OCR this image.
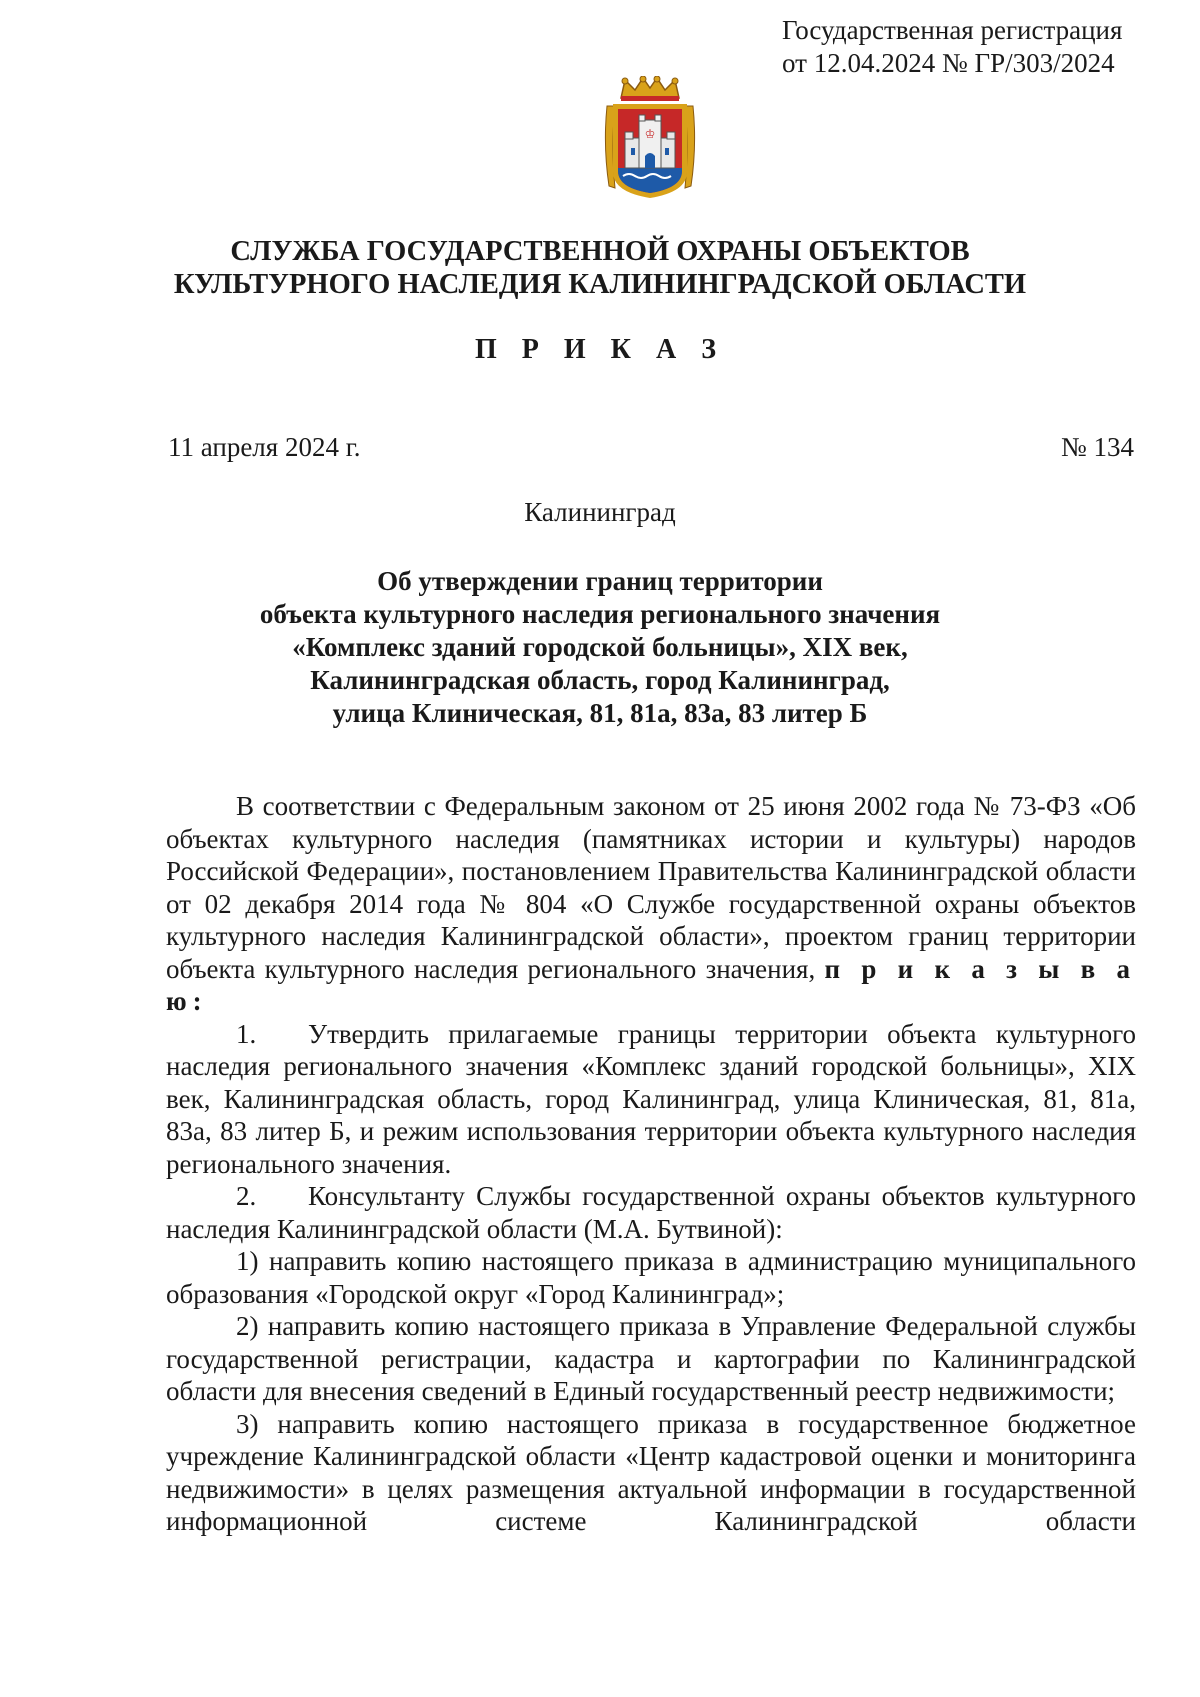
Государственная регистрация
от 12.04.2024 № ГР/303/2024
♔
СЛУЖБА ГОСУДАРСТВЕННОЙ ОХРАНЫ ОБЪЕКТОВ
КУЛЬТУРНОГО НАСЛЕДИЯ КАЛИНИНГРАДСКОЙ ОБЛАСТИ
П Р И К А З
11 апреля 2024 г.	№ 134
Калининград
Об утверждении границ территории
объекта культурного наследия регионального значения
«Комплекс зданий городской больницы», XIX век,
Калининградская область, город Калининград,
улица Клиническая, 81, 81а, 83а, 83 литер Б

В соответствии с Федеральным законом от 25 июня 2002 года № 73-ФЗ «Об объектах культурного наследия (памятниках истории и культуры) народов Российской Федерации», постановлением Правительства Калининградской области от 02 декабря 2014 года № 804 «О Службе государственной охраны объектов культурного наследия Калининградской области», проектом границ территории объекта культурного наследия регионального значения, п р и к а з ы в а ю:

1. Утвердить прилагаемые границы территории объекта культурного наследия регионального значения «Комплекс зданий городской больницы», XIX век, Калининградская область, город Калининград, улица Клиническая, 81, 81а, 83а, 83 литер Б, и режим использования территории объекта культурного наследия регионального значения.

2. Консультанту Службы государственной охраны объектов культурного наследия Калининградской области (М.А. Бутвиной):

1) направить копию настоящего приказа в администрацию муниципального образования «Городской округ «Город Калининград»;

2) направить копию настоящего приказа в Управление Федеральной службы государственной регистрации, кадастра и картографии по Калининградской области для внесения сведений в Единый государственный реестр недвижимости;

3) направить копию настоящего приказа в государственное бюджетное учреждение Калининградской области «Центр кадастровой оценки и мониторинга недвижимости» в целях размещения актуальной информации в государственной информационной системе Калининградской области
